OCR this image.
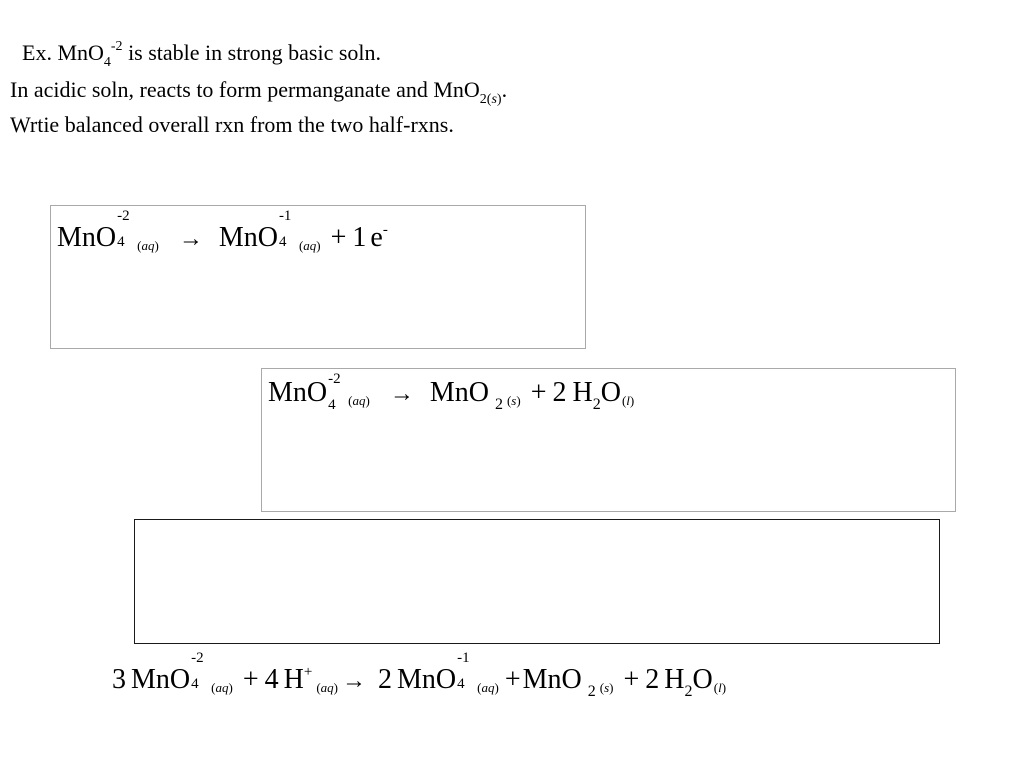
Ex. MnO$_4^{-2}$ is stable in strong basic soln.
In acidic soln, reacts to form permanganate and MnO$_{2(s)}$.
Wrtie balanced overall rxn from the two half-rxns.
MnO
-2
4 (aq) → MnO
-1
4 (aq) + 1 e-
MnO -2
4 (aq) → MnO $_2$ (s) + 2 $H_2O(l)$
3 MnO
-2
4 (aq) + 4 H+(aq) → 2 MnO
-1
4 (aq) +MnO $_2$ (s) + 2 $H_2O(l)$
